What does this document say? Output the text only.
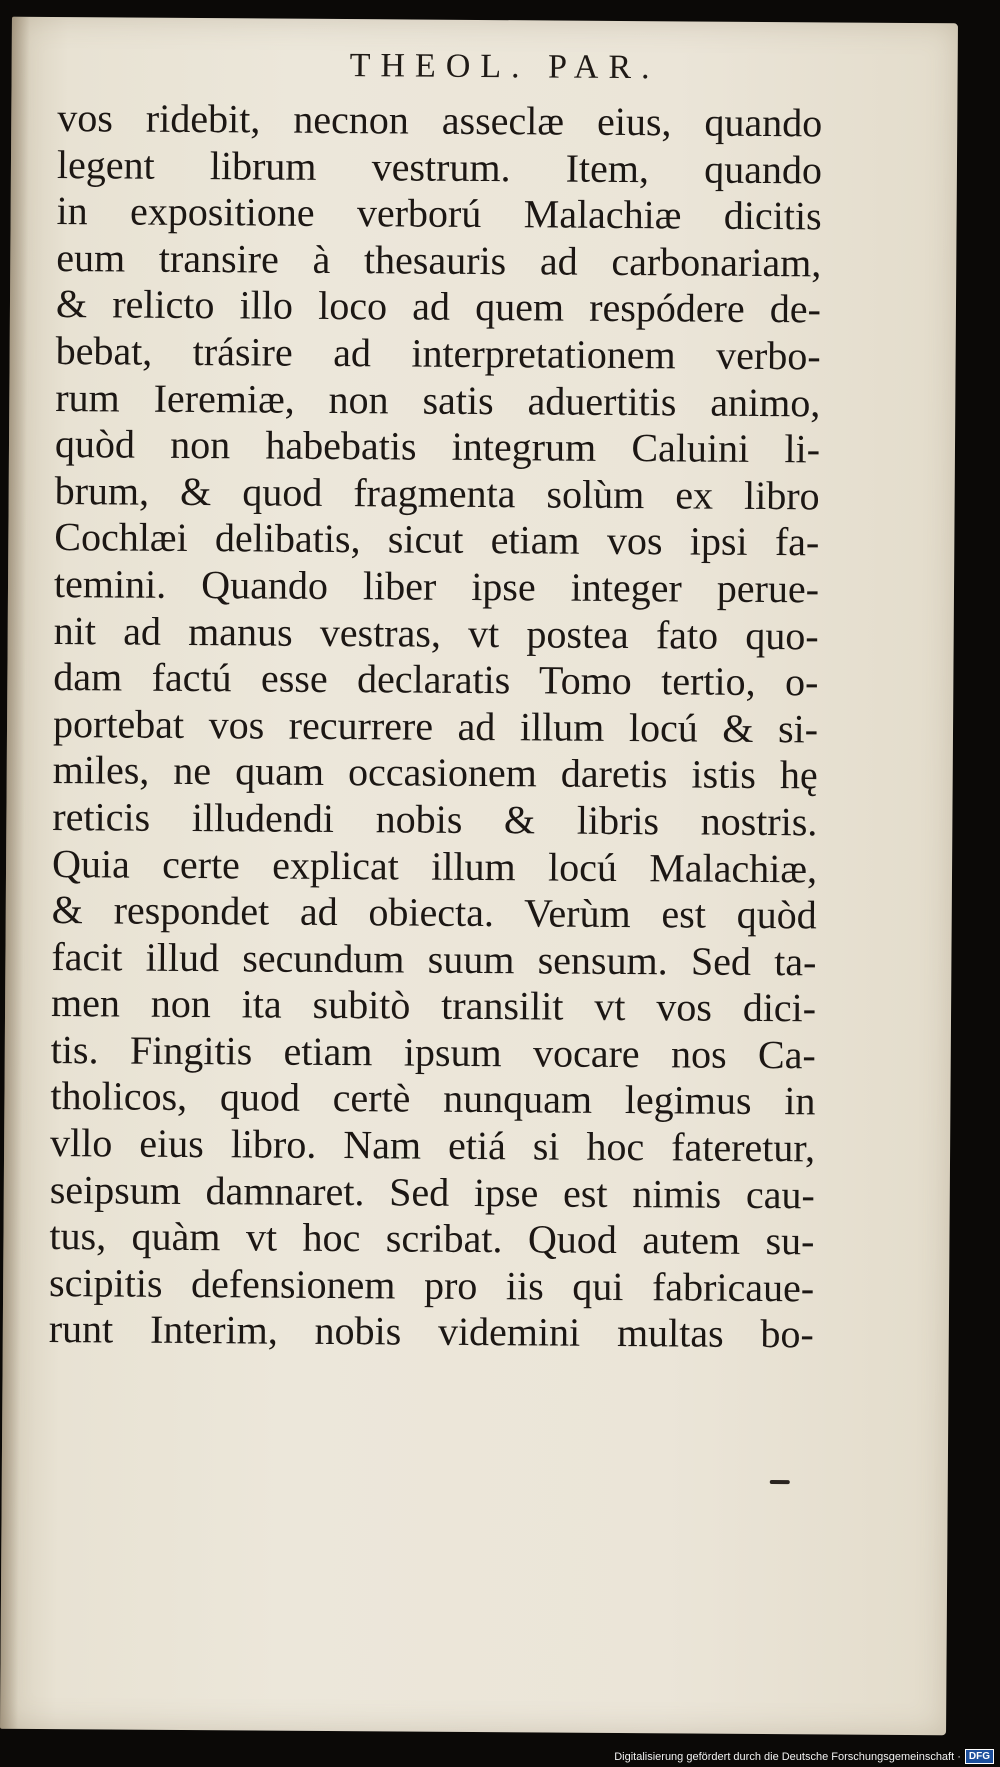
THEOL. PAR.
vos ridebit, necnon asseclæ eius, quando
legent librum vestrum. Item, quando
in expositione verború Malachiæ dicitis
eum transire à thesauris ad carbonariam,
& relicto illo loco ad quem respódere de-
bebat, trásire ad interpretationem verbo-
rum Ieremiæ, non satis aduertitis animo,
quòd non habebatis integrum Caluini li-
brum, & quod fragmenta solùm ex libro
Cochlæi delibatis, sicut etiam vos ipsi fa-
temini. Quando liber ipse integer perue-
nit ad manus vestras, vt postea fato quo-
dam factú esse declaratis Tomo tertio, o-
portebat vos recurrere ad illum locú & si-
miles, ne quam occasionem daretis istis hę
reticis illudendi nobis & libris nostris.
Quia certe explicat illum locú Malachiæ,
& respondet ad obiecta. Verùm est quòd
facit illud secundum suum sensum. Sed ta-
men non ita subitò transilit vt vos dici-
tis. Fingitis etiam ipsum vocare nos Ca-
tholicos, quod certè nunquam legimus in
vllo eius libro. Nam etiá si hoc fateretur,
seipsum damnaret. Sed ipse est nimis cau-
tus, quàm vt hoc scribat. Quod autem su-
scipitis defensionem pro iis qui fabricaue-
runt Interim, nobis videmini multas bo-
Digitalisierung gefördert durch die Deutsche Forschungsgemeinschaft · DFG
